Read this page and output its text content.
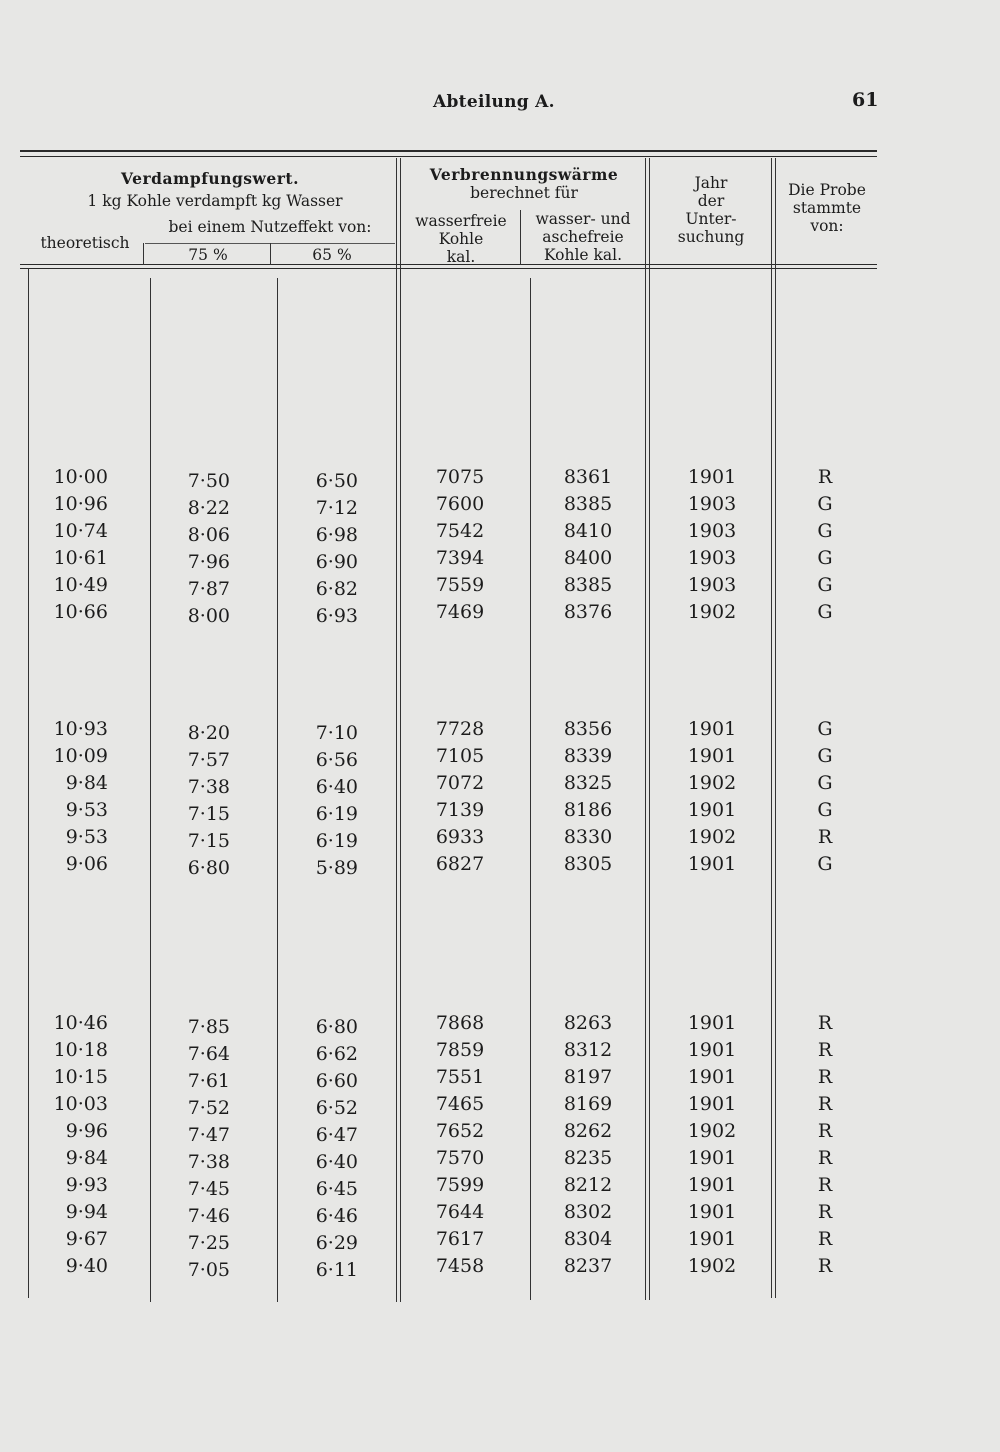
Abteilung A.	61
Verdampfungswert.
1 kg Kohle verdampft kg Wasser
theoretisch
bei einem Nutzeffekt von:
75 %	65 %
Verbrennungswärme
berechnet für
wasserfreie
Kohle
kal.
wasser- und
aschefreie
Kohle kal.
Jahr
der
Unter-
suchung
Die Probe
stammte
von:
10·00	7·50	6·50	7075	8361	1901	R
10·96	8·22	7·12	7600	8385	1903	G
10·74	8·06	6·98	7542	8410	1903	G
10·61	7·96	6·90	7394	8400	1903	G
10·49	7·87	6·82	7559	8385	1903	G
10·66	8·00	6·93	7469	8376	1902	G
10·93	8·20	7·10	7728	8356	1901	G
10·09	7·57	6·56	7105	8339	1901	G
9·84	7·38	6·40	7072	8325	1902	G
9·53	7·15	6·19	7139	8186	1901	G
9·53	7·15	6·19	6933	8330	1902	R
9·06	6·80	5·89	6827	8305	1901	G
10·46	7·85	6·80	7868	8263	1901	R
10·18	7·64	6·62	7859	8312	1901	R
10·15	7·61	6·60	7551	8197	1901	R
10·03	7·52	6·52	7465	8169	1901	R
9·96	7·47	6·47	7652	8262	1902	R
9·84	7·38	6·40	7570	8235	1901	R
9·93	7·45	6·45	7599	8212	1901	R
9·94	7·46	6·46	7644	8302	1901	R
9·67	7·25	6·29	7617	8304	1901	R
9·40	7·05	6·11	7458	8237	1902	R
